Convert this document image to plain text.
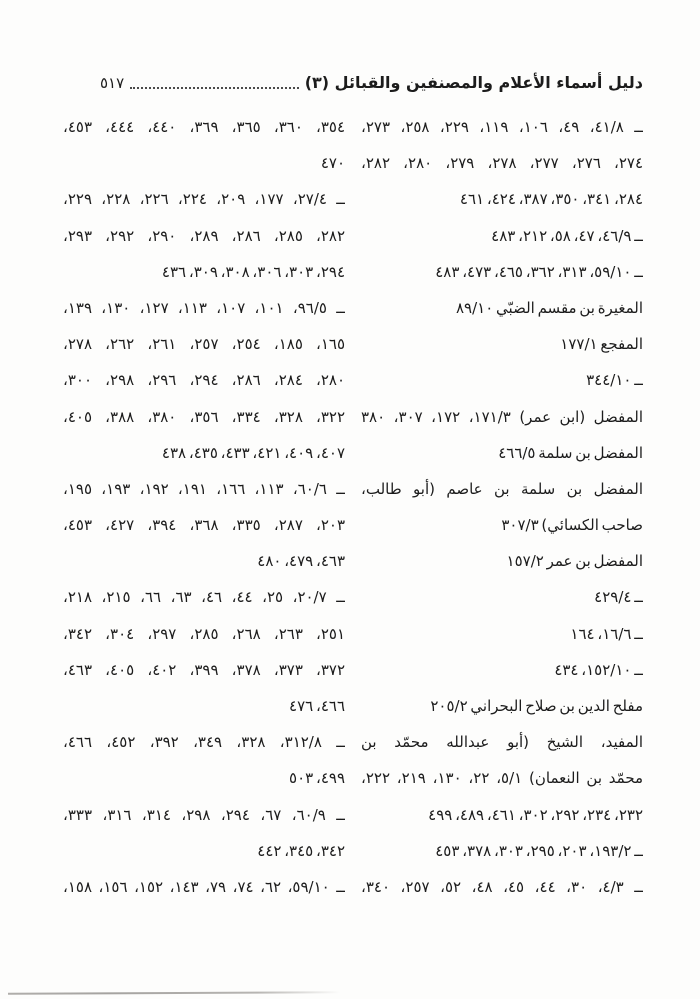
دليل أسماء الأعلام والمصنفين والقبائل (٣)
٥١٧
ــ ٤١/٨، ٤٩، ١٠٦، ١١٩، ٢٢٩، ٢٥٨، ٢٧٣،
٢٧٤، ٢٧٦، ٢٧٧، ٢٧٨، ٢٧٩، ٢٨٠، ٢٨٢،
٢٨٤، ٣٤١، ٣٥٠، ٣٨٧، ٤٢٤، ٤٦١
ــ ٤٦/٩، ٤٧، ٥٨، ٢١٢، ٤٨٣
ــ ٥٩/١٠، ٣١٣، ٣٦٢، ٤٦٥، ٤٧٣، ٤٨٣
المغيرة بن مقسم الضبّي ٨٩/١٠
المفجع ١٧٧/١
ــ ٣٤٤/١٠
المفضل (ابن عمر) ١٧١/٣، ١٧٢، ٣٠٧، ٣٨٠
المفضل بن سلمة ٤٦٦/٥
المفضل بن سلمة بن عاصم (أبو طالب،
صاحب الكسائي) ٣٠٧/٣
المفضل بن عمر ١٥٧/٢
ــ ٤٢٩/٤
ــ ١٦/٦، ١٦٤
ــ ١٥٢/١٠، ٤٣٤
مفلح الدين بن صلاح البحراني ٢٠٥/٢
المفيد، الشيخ (أبو عبدالله محمّد بن
محمّد بن النعمان) ٥/١، ٢٢، ١٣٠، ٢١٩، ٢٢٢،
٢٣٢، ٢٣٤، ٢٩٢، ٣٠٢، ٤٦١، ٤٨٩، ٤٩٩
ــ ١٩٣/٢، ٢٠٣، ٢٩٥، ٣٠٣، ٣٧٨، ٤٥٣
ــ ٤/٣، ٣٠، ٤٤، ٤٥، ٤٨، ٥٢، ٢٥٧، ٣٤٠،
٣٥٤، ٣٦٠، ٣٦٥، ٣٦٩، ٤٤٠، ٤٤٤، ٤٥٣،
٤٧٠
ــ ٢٧/٤، ١٧٧، ٢٠٩، ٢٢٤، ٢٢٦، ٢٢٨، ٢٢٩،
٢٨٢، ٢٨٥، ٢٨٦، ٢٨٩، ٢٩٠، ٢٩٢، ٢٩٣،
٢٩٤، ٣٠٣، ٣٠٦، ٣٠٨، ٣٠٩، ٤٣٦
ــ ٩٦/٥، ١٠١، ١٠٧، ١١٣، ١٢٧، ١٣٠، ١٣٩،
١٦٥، ١٨٥، ٢٥٤، ٢٥٧، ٢٦١، ٢٦٢، ٢٧٨،
٢٨٠، ٢٨٤، ٢٨٦، ٢٩٤، ٢٩٦، ٢٩٨، ٣٠٠،
٣٢٢، ٣٢٨، ٣٣٤، ٣٥٦، ٣٨٠، ٣٨٨، ٤٠٥،
٤٠٧، ٤٠٩، ٤٢١، ٤٣٣، ٤٣٥، ٤٣٨
ــ ٦٠/٦، ١١٣، ١٦٦، ١٩١، ١٩٢، ١٩٣، ١٩٥،
٢٠٣، ٢٨٧، ٣٣٥، ٣٦٨، ٣٩٤، ٤٢٧، ٤٥٣،
٤٦٣، ٤٧٩، ٤٨٠
ــ ٢٠/٧، ٢٥، ٤٤، ٤٦، ٦٣، ٦٦، ٢١٥، ٢١٨،
٢٥١، ٢٦٣، ٢٦٨، ٢٨٥، ٢٩٧، ٣٠٤، ٣٤٢،
٣٧٢، ٣٧٣، ٣٧٨، ٣٩٩، ٤٠٢، ٤٠٥، ٤٦٣،
٤٦٦، ٤٧٦
ــ ٣١٢/٨، ٣٢٨، ٣٤٩، ٣٩٢، ٤٥٢، ٤٦٦،
٤٩٩، ٥٠٣
ــ ٦٠/٩، ٦٧، ٢٩٤، ٢٩٨، ٣١٤، ٣١٦، ٣٣٣،
٣٤٢، ٣٤٥، ٤٤٢
ــ ٥٩/١٠، ٦٢، ٧٤، ٧٩، ١٤٣، ١٥٢، ١٥٦، ١٥٨،
